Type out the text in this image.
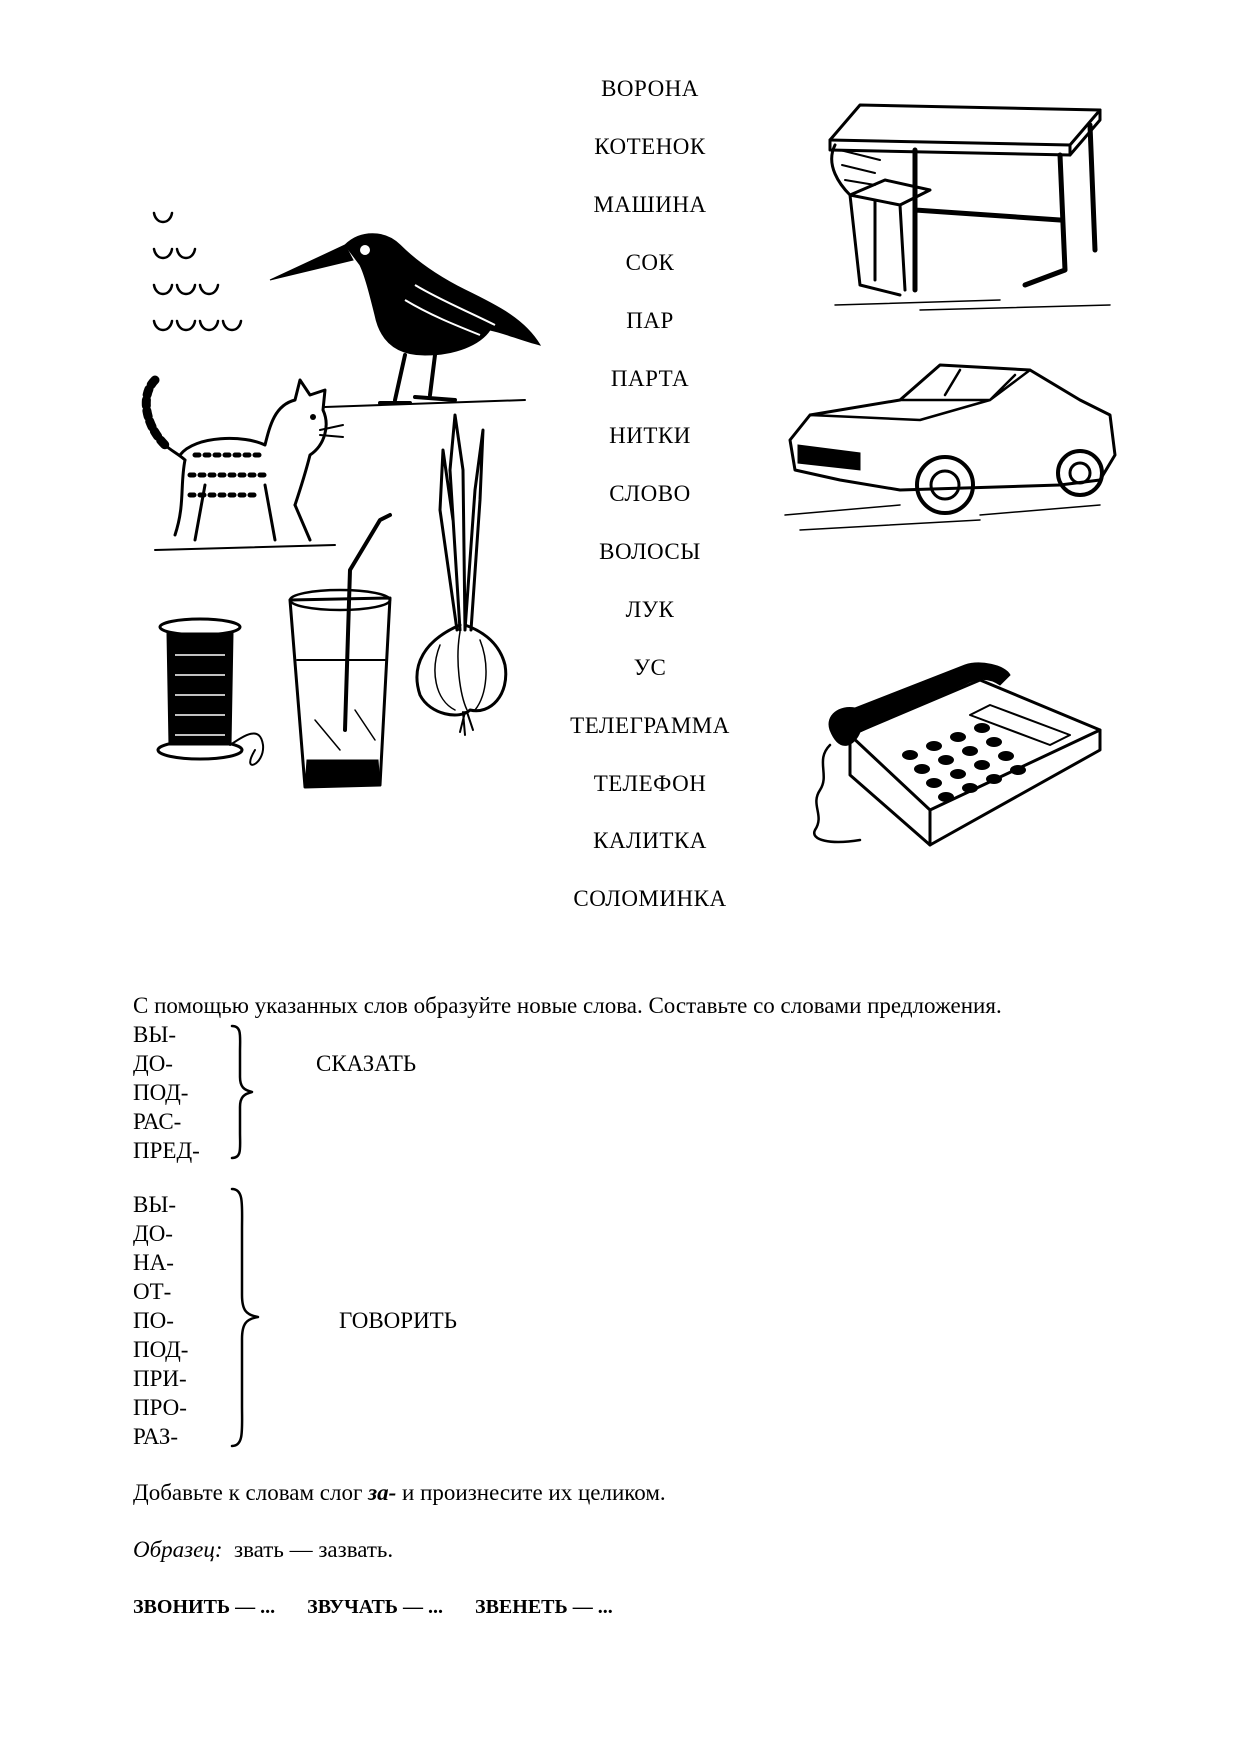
ВОРОНА
КОТЕНОК
МАШИНА
СОК
ПАР
ПАРТА
НИТКИ
СЛОВО
ВОЛОСЫ
ЛУК
УС
ТЕЛЕГРАММА
ТЕЛЕФОН
КАЛИТКА
СОЛОМИНКА
С помощью указанных слов образуйте новые слова. Составьте со словами предложения.
ВЫ-
ДО-
ПОД-
РАС-
ПРЕД-
СКАЗАТЬ
ВЫ-
ДО-
НА-
ОТ-
ПО-
ПОД-
ПРИ-
ПРО-
РАЗ-
ГОВОРИТЬ
Добавьте к словам слог за- и произнесите их целиком.
Образец: звать — зазвать.
ЗВОНИТЬ — ... ЗВУЧАТЬ — ... ЗВЕНЕТЬ — ...
